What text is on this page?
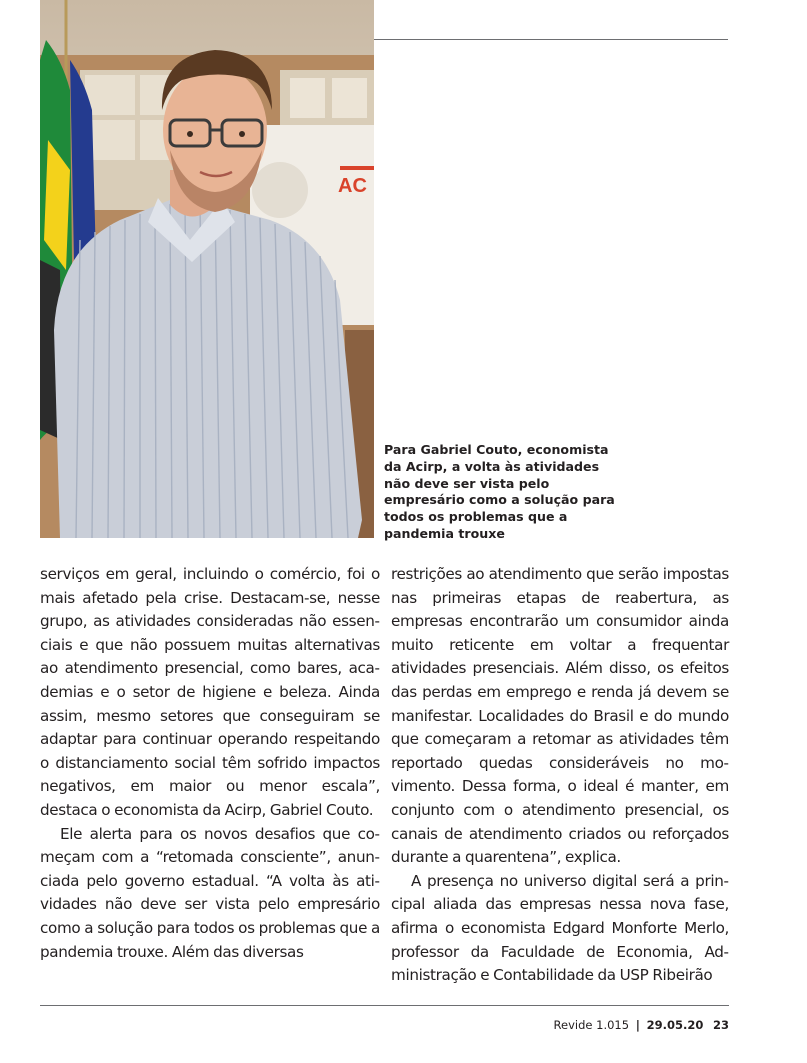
AC

Para Gabriel Couto, economista da Acirp, a volta às atividades não deve ser vista pelo empresário como a solução para todos os problemas que a pandemia trouxe

serviços em geral, incluindo o comércio, foi o mais afetado pela crise. Destacam-se, nesse grupo, as atividades consideradas não essenciais e que não possuem muitas alternativas ao atendimento presencial, como bares, academias e o setor de higiene e beleza. Ainda assim, mesmo setores que conseguiram se adaptar para continuar operando respeitando o distanciamento social têm sofrido impactos negativos, em maior ou menor escala”, destaca o economista da Acirp, Gabriel Couto.

Ele alerta para os novos desafios que começam com a “retomada consciente”, anunciada pelo governo estadual. “A volta às atividades não deve ser vista pelo empresário como a solução para todos os problemas que a pandemia trouxe. Além das diversas

restrições ao atendimento que serão impostas nas primeiras etapas de reabertura, as empresas encontrarão um consumidor ainda muito reticente em voltar a frequentar atividades presenciais. Além disso, os efeitos das perdas em emprego e renda já devem se manifestar. Localidades do Brasil e do mundo que começaram a retomar as atividades têm reportado quedas consideráveis no movimento. Dessa forma, o ideal é manter, em conjunto com o atendimento presencial, os canais de atendimento criados ou reforçados durante a quarentena”, explica.

A presença no universo digital será a principal aliada das empresas nessa nova fase, afirma o economista Edgard Monforte Merlo, professor da Faculdade de Economia, Administração e Contabilidade da USP Ribeirão

Revide 1.015 | 29.05.20 23
